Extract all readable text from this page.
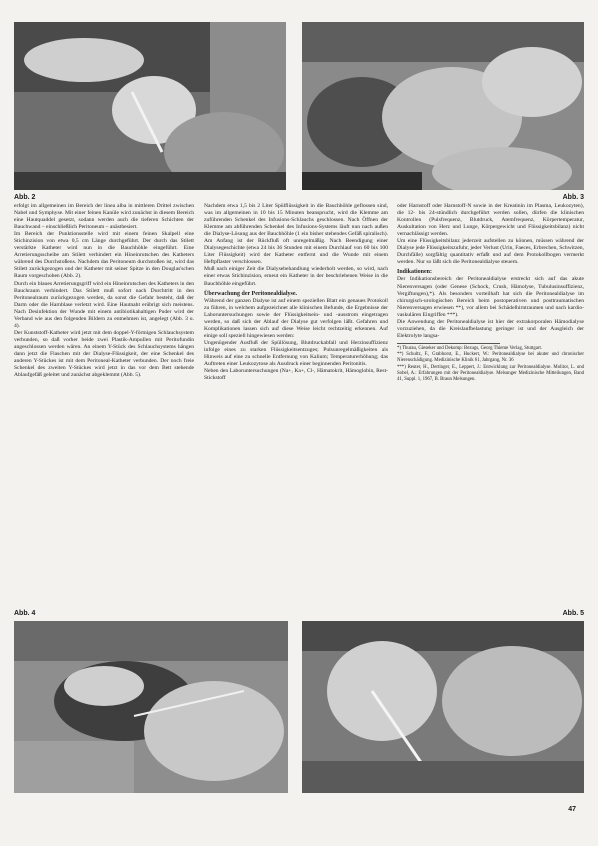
Abb. 2	Abb. 3

erfolgt im allgemeinen im Bereich der linea alba in mittleren Drittel zwischen Nabel und Symphyse. Mit einer feinen Kanüle wird zunächst in diesem Bereich eine Hautquaddel gesetzt, sodann werden auch die tieferen Schichten der Bauchwand – einschließlich Peritoneum – anästhesiert.

Im Bereich der Punktionsstelle wird mit einem feinen Skalpell eine Stichinzision von etwa 0,5 cm Länge durchgeführt. Der durch das Stilett verstärkte Katheter wird nun in die Bauchhöhle eingeführt. Eine Arretierungsscheibe am Stilett verhindert ein Hineinrutschen des Katheters während des Durchstoßens. Nachdem das Peritoneum durchstoßen ist, wird das Stilett zurückgezogen und der Katheter mit seiner Spitze in den Douglas'schen Raum vorgeschoben (Abb. 2).

Durch ein blaues Arretierungsgriff wird ein Hineinrutschen des Katheters in den Bauchraum verhindert. Das Stilett muß sofort nach Durchtritt in den Peritonealraum zurückgezogen werden, da sonst die Gefahr besteht, daß der Darm oder die Harnblase verletzt wird. Eine Hautnaht erübrigt sich meistens. Nach Desinfektion der Wunde mit einem antibiotikahaltigen Puder wird der Verband wie aus den folgenden Bildern zu entnehmen ist, angelegt (Abb. 3 u. 4).

Der Kunststoff-Katheter wird jetzt mit dem doppel-Y-förmigen Schlauchsystem verbunden, so daß vorher beide zwei Plastik-Ampullen mit Peritofundin angeschlossen werden wären. An einem Y-Stück des Schlauchsystems hängen dann jetzt die Flaschen mit der Dialyse-Flüssigkeit, der eine Schenkel des anderen Y-Stückes ist mit dem Peritoneal-Katheter verbunden. Der noch freie Schenkel des zweiten Y-Stückes wird jetzt in das vor dem Bett stehende Ablaufgefäß geleitet und zunächst abgeklemmt (Abb. 5).

Nachdem etwa 1,5 bis 2 Liter Spülflüssigkeit in die Bauchhöhle geflossen sind, was im allgemeinen in 10 bis 15 Minuten beansprucht, wird die Klemme am zuführenden Schenkel des Infusions-Schlauchs geschlossen. Nach Öffnen der Klemme am abführenden Schenkel des Infusions-Systems läuft nun nach außen die Dialyse-Lösung aus der Bauchhöhle (1 ein bisher stehendes Gefäß spiralisch). Am Anfang ist der Rückfluß oft unregelmäßig. Nach Beendigung einer Dialysegeschichte (etwa 24 bis 36 Stunden mit einem Durchlauf von 60 bis 100 Liter Flüssigkeit) wird der Katheter entfernt und die Wunde mit einem Heftpflaster verschlossen.

Muß nach einiger Zeit die Dialysebehandlung wiederholt werden, so wird, nach einer etwas Stichinzision, erneut ein Katheter in der beschriebenen Weise in die Bauchhöhle eingeführt.

Überwachung der Peritonealdialyse.

Während der ganzen Dialyse ist auf einem speziellen Blatt ein genaues Protokoll zu führen, in welchem aufgezeichnet alle klinischen Befunde, die Ergebnisse der Laboruntersuchungen sowie der Flüssigkeitsein- und -ausstrom eingetragen werden, so daß sich der Ablauf der Dialyse gut verfolgen läßt. Gefahren und Komplikationen lassen sich auf diese Weise leicht rechtzeitig erkennen. Auf einige soll speziell hingewiesen werden:

Ungenügender Ausfluß der Spüllösung, Blutdruckabfall und Herzinsuffizienz infolge eines zu starken Flüssigkeitsentzuges; Pulsunregelmäßigkeiten als Hinweis auf eine zu schnelle Entfernung von Kalium; Temperaturerhöhung; das Auftreten einer Leukozytose als Ausdruck einer beginnenden Peritonitis.

Neben den Laboruntersuchungen (Na+, Ka+, Cl-, Hämatokrit, Hämoglobin, Rest-Stickstoff

oder Harnstoff oder Harnstoff-N sowie in der Kreatinin im Plasma, Leukozyten), die 12- bis 24-stündlich durchgeführt werden sollen, dürfen die klinischen Kontrollen (Pulsfrequenz, Blutdruck, Atemfrequenz, Körpertemperatur, Auskultation von Herz und Lunge, Körpergewicht und Flüssigkeitsbilanz) nicht vernachlässigt werden.

Um eine Flüssigkeitsbilanz jederzeit aufstellen zu können, müssen während der Dialyse jede Flüssigkeitszufuhr, jeder Verlust (Urin, Faeces, Erbrechen, Schwitzen, Durchfälle) sorgfältig quantitativ erfaßt und auf dem Protokollbogen vermerkt werden. Nur so läßt sich die Peritonealdialyse steuern.

Indikationen:

Der Indikationsbereich der Peritonealdialyse erstreckt sich auf das akute Nierenversagen (oder Genese (Schock, Crush, Hämolyse, Tubulusinsuffizienz, Vergiftungen),*). Als besonders vorteilhaft hat sich die Peritonealdialyse im chirurgisch-urologischen Bereich beim postoperativen und posttraumatischen Nierenversagen erwiesen **), vor allem bei Schädelhirntraumen und nach kardio-vaskulären Eingriffen ***).

Die Anwendung der Peritonealdialyse ist hier der extrakorporalen Hämodialyse vorzuziehen, da die Kreislaufbelastung geringer ist und der Ausgleich der Elektrolyte langsa-

*) Thurau, Gieseker und Dekomp: Bezugs, Georg Thieme Verlag, Stuttgart.

**) Schultz, F., Grabhorst, E., Huckert, W.: Peritonealdialyse bei akuter und chronischer Nierenschädigung. Medizinische Klinik 61, Jahrgang, Nr. 36

***) Reuter, H., Dertinger, E., Leppert, J.: Entwicklung zur Peritonealdialyse. Molitor, L. und Sobel, A.: Erfahrungen mit der Peritonealdialyse. Melsunger Medizinische Mitteilungen, Band 41, Suppl. 1, 1967, B. Braun Melsungen.

Abb. 4	Abb. 5
47
